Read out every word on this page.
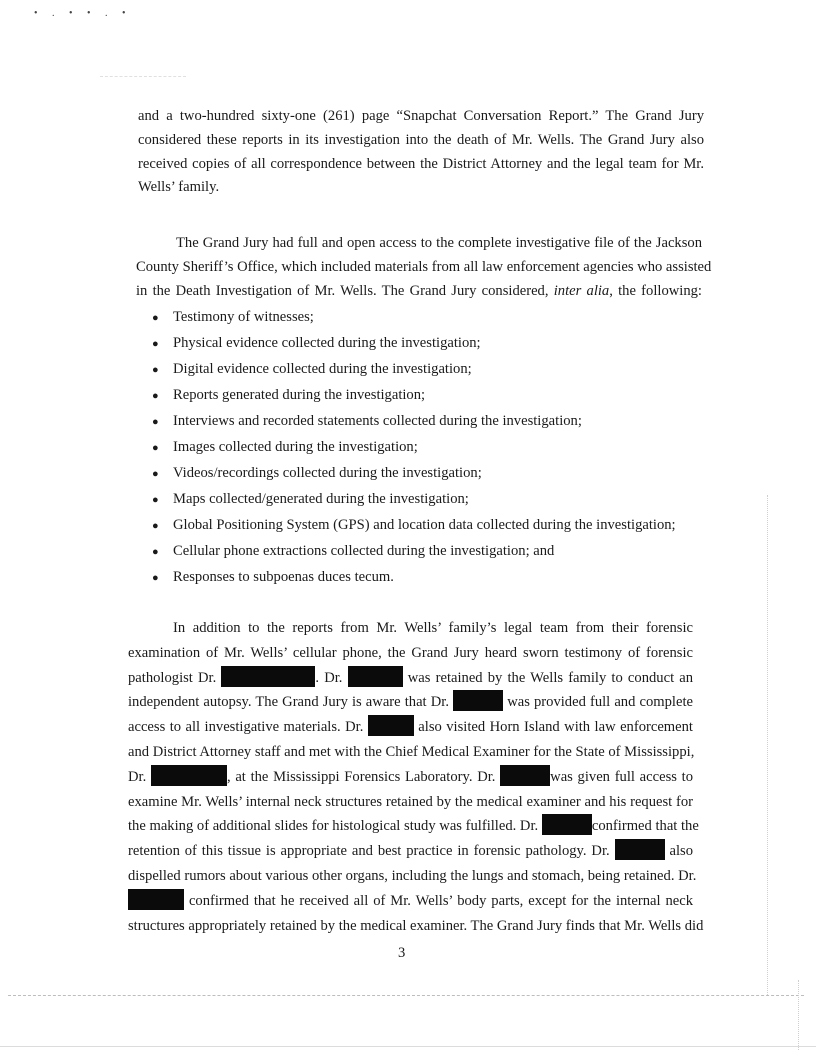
• . • • . •
and a two-hundred sixty-one (261) page “Snapchat Conversation Report.” The Grand Jury
considered these reports in its investigation into the death of Mr. Wells. The Grand Jury also
received copies of all correspondence between the District Attorney and the legal team for Mr.
Wells’ family.
The Grand Jury had full and open access to the complete investigative file of the Jackson
County Sheriff’s Office, which included materials from all law enforcement agencies who assisted
in the Death Investigation of Mr. Wells. The Grand Jury considered, inter alia, the following:
● Testimony of witnesses;
● Physical evidence collected during the investigation;
● Digital evidence collected during the investigation;
● Reports generated during the investigation;
● Interviews and recorded statements collected during the investigation;
● Images collected during the investigation;
● Videos/recordings collected during the investigation;
● Maps collected/generated during the investigation;
● Global Positioning System (GPS) and location data collected during the investigation;
● Cellular phone extractions collected during the investigation; and
● Responses to subpoenas duces tecum.
In addition to the reports from Mr. Wells’ family’s legal team from their forensic
examination of Mr. Wells’ cellular phone, the Grand Jury heard sworn testimony of forensic
pathologist Dr.	. Dr.	was retained by the Wells family to conduct an
independent autopsy. The Grand Jury is aware that Dr.	was provided full and complete
access to all investigative materials. Dr.	also visited Horn Island with law enforcement
and District Attorney staff and met with the Chief Medical Examiner for the State of Mississippi,
Dr.	, at the Mississippi Forensics Laboratory. Dr.	was given full access to
examine Mr. Wells’ internal neck structures retained by the medical examiner and his request for
the making of additional slides for histological study was fulfilled. Dr.	confirmed that the
retention of this tissue is appropriate and best practice in forensic pathology. Dr.	also
dispelled rumors about various other organs, including the lungs and stomach, being retained. Dr.
confirmed that he received all of Mr. Wells’ body parts, except for the internal neck
structures appropriately retained by the medical examiner. The Grand Jury finds that Mr. Wells did
3
